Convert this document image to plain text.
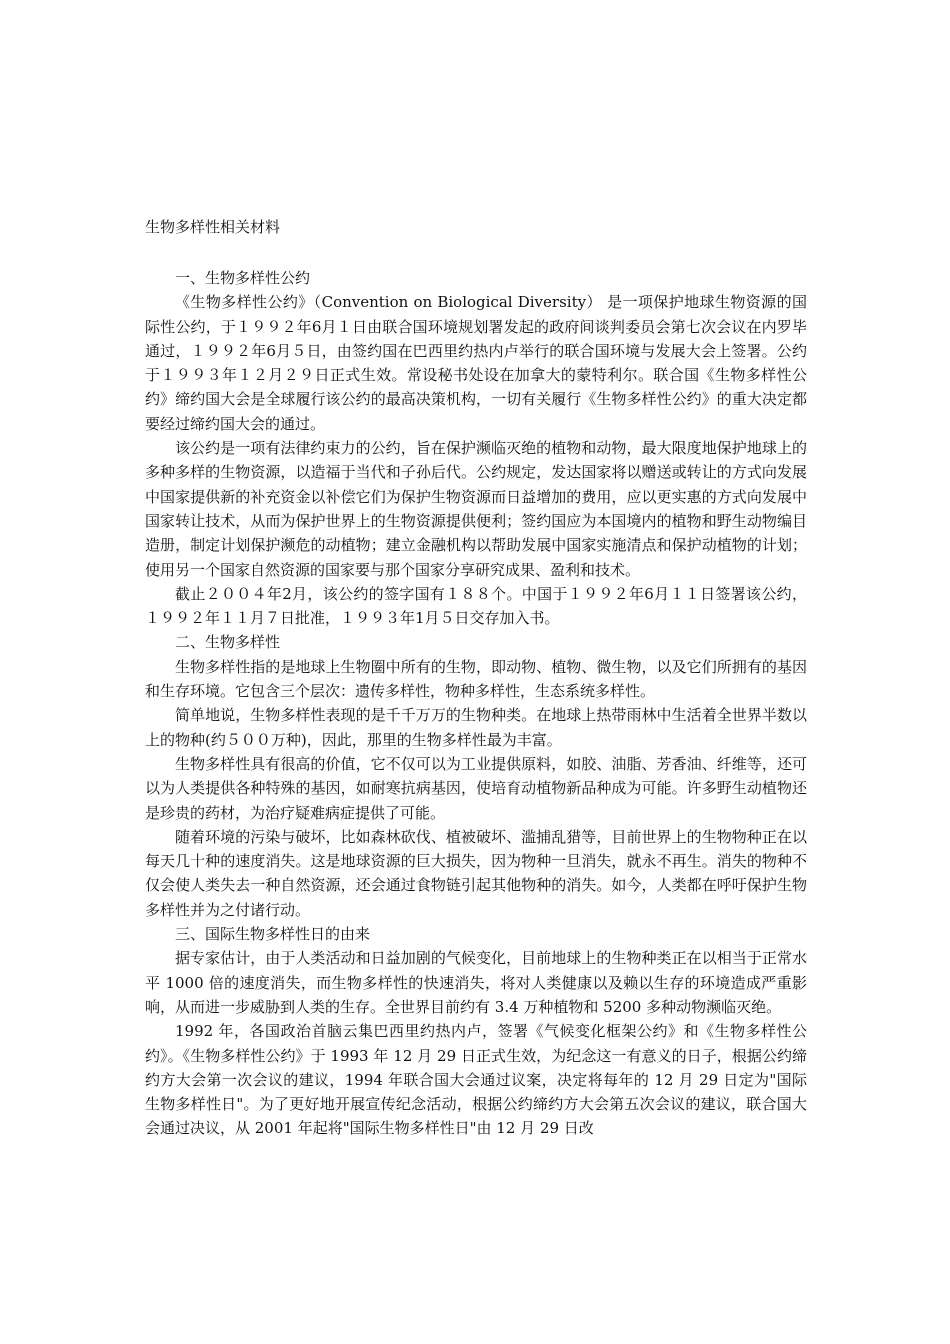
生物多样性相关材料
一、生物多样性公约

《生物多样性公约》（Convention on Biological Diversity） 是一项保护地球生物资源的国际性公约，于１９９２年6月１日由联合国环境规划署发起的政府间谈判委员会第七次会议在内罗毕通过，１９９２年6月５日，由签约国在巴西里约热内卢举行的联合国环境与发展大会上签署。公约于１９９３年１２月２９日正式生效。常设秘书处设在加拿大的蒙特利尔。联合国《生物多样性公约》缔约国大会是全球履行该公约的最高决策机构，一切有关履行《生物多样性公约》的重大决定都要经过缔约国大会的通过。

该公约是一项有法律约束力的公约，旨在保护濒临灭绝的植物和动物，最大限度地保护地球上的多种多样的生物资源，以造福于当代和子孙后代。公约规定，发达国家将以赠送或转让的方式向发展中国家提供新的补充资金以补偿它们为保护生物资源而日益增加的费用，应以更实惠的方式向发展中国家转让技术，从而为保护世界上的生物资源提供便利；签约国应为本国境内的植物和野生动物编目造册，制定计划保护濒危的动植物；建立金融机构以帮助发展中国家实施清点和保护动植物的计划；使用另一个国家自然资源的国家要与那个国家分享研究成果、盈利和技术。

截止２００４年2月，该公约的签字国有１８８个。中国于１９９２年6月１１日签署该公约，１９９２年１１月７日批准，１９９３年1月５日交存加入书。

二、生物多样性

生物多样性指的是地球上生物圈中所有的生物，即动物、植物、微生物，以及它们所拥有的基因和生存环境。它包含三个层次：遗传多样性，物种多样性，生态系统多样性。

简单地说，生物多样性表现的是千千万万的生物种类。在地球上热带雨林中生活着全世界半数以上的物种(约５００万种)，因此，那里的生物多样性最为丰富。

生物多样性具有很高的价值，它不仅可以为工业提供原料，如胶、油脂、芳香油、纤维等，还可以为人类提供各种特殊的基因，如耐寒抗病基因，使培育动植物新品种成为可能。许多野生动植物还是珍贵的药材，为治疗疑难病症提供了可能。

随着环境的污染与破坏，比如森林砍伐、植被破坏、滥捕乱猎等，目前世界上的生物物种正在以每天几十种的速度消失。这是地球资源的巨大损失，因为物种一旦消失，就永不再生。消失的物种不仅会使人类失去一种自然资源，还会通过食物链引起其他物种的消失。如今，人类都在呼吁保护生物多样性并为之付诸行动。

三、国际生物多样性日的由来

据专家估计，由于人类活动和日益加剧的气候变化，目前地球上的生物种类正在以相当于正常水平 1000 倍的速度消失，而生物多样性的快速消失，将对人类健康以及赖以生存的环境造成严重影响，从而进一步威胁到人类的生存。全世界目前约有 3.4 万种植物和 5200 多种动物濒临灭绝。

1992 年，各国政治首脑云集巴西里约热内卢，签署《气候变化框架公约》和《生物多样性公约》。《生物多样性公约》于 1993 年 12 月 29 日正式生效，为纪念这一有意义的日子，根据公约缔约方大会第一次会议的建议，1994 年联合国大会通过议案，决定将每年的 12 月 29 日定为"国际生物多样性日"。为了更好地开展宣传纪念活动，根据公约缔约方大会第五次会议的建议，联合国大会通过决议，从 2001 年起将"国际生物多样性日"由 12 月 29 日改
